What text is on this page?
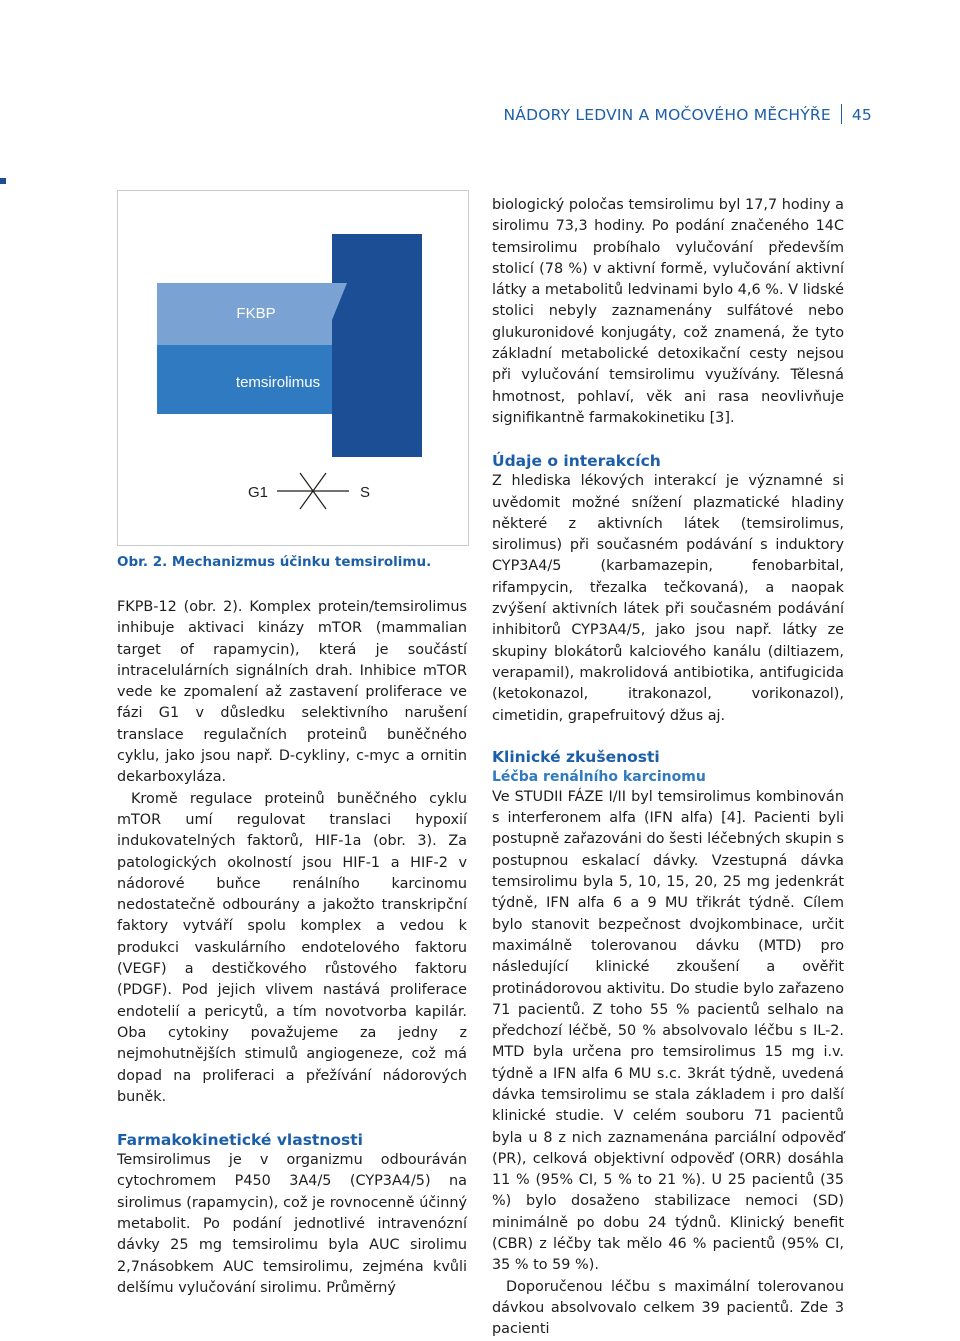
NÁDORY LEDVIN A MOČOVÉHO MĚCHÝŘE 45
TOR
FKBP
temsirolimus
G1	S
Obr. 2. Mechanizmus účinku temsirolimu.

FKPB-12 (obr. 2). Komplex protein/temsirolimus inhibuje aktivaci kinázy mTOR (mammalian target of rapamycin), která je součástí intracelulárních signálních drah. Inhibice mTOR vede ke zpomalení až zastavení proliferace ve fázi G1 v důsledku selektivního narušení translace regulačních proteinů buněčného cyklu, jako jsou např. D-cykliny, c-myc a ornitin dekarboxyláza.

Kromě regulace proteinů buněčného cyklu mTOR umí regulovat translaci hypoxií indukovatelných faktorů, HIF-1a (obr. 3). Za patologických okolností jsou HIF-1 a HIF-2 v nádorové buňce renálního karcinomu nedostatečně odbourány a jakožto transkripční faktory vytváří spolu komplex a vedou k produkci vaskulárního endotelového faktoru (VEGF) a destičkového růstového faktoru (PDGF). Pod jejich vlivem nastává proliferace endotelií a pericytů, a tím novotvorba kapilár. Oba cytokiny považujeme za jedny z nejmohutnějších stimulů angiogeneze, což má dopad na proliferaci a přežívání nádorových buněk.

Farmakokinetické vlastnosti

Temsirolimus je v organizmu odbouráván cytochromem P450 3A4/5 (CYP3A4/5) na sirolimus (rapamycin), což je rovnocenně účinný metabolit. Po podání jednotlivé intravenózní dávky 25 mg temsirolimu byla AUC sirolimu 2,7násobkem AUC temsirolimu, zejména kvůli delšímu vylučování sirolimu. Průměrný

biologický poločas temsirolimu byl 17,7 hodiny a sirolimu 73,3 hodiny. Po podání značeného 14C temsirolimu probíhalo vylučování především stolicí (78 %) v aktivní formě, vylučování aktivní látky a metabolitů ledvinami bylo 4,6 %. V lidské stolici nebyly zaznamenány sulfátové nebo glukuronidové konjugáty, což znamená, že tyto základní metabolické detoxikační cesty nejsou při vylučování temsirolimu využívány. Tělesná hmotnost, pohlaví, věk ani rasa neovlivňuje signifikantně farmakokinetiku [3].

Údaje o interakcích

Z hlediska lékových interakcí je významné si uvědomit možné snížení plazmatické hladiny některé z aktivních látek (temsirolimus, sirolimus) při současném podávání s induktory CYP3A4/5 (karbamazepin, fenobarbital, rifampycin, třezalka tečkovaná), a naopak zvýšení aktivních látek při současném podávání inhibitorů CYP3A4/5, jako jsou např. látky ze skupiny blokátorů kalciového kanálu (diltiazem, verapamil), makrolidová antibiotika, antifugicida (ketokonazol, itrakonazol, vorikonazol), cimetidin, grapefruitový džus aj.

Klinické zkušenosti
Léčba renálního karcinomu

Ve STUDII FÁZE I/II byl temsirolimus kombinován s interferonem alfa (IFN alfa) [4]. Pacienti byli postupně zařazováni do šesti léčebných skupin s postupnou eskalací dávky. Vzestupná dávka temsirolimu byla 5, 10, 15, 20, 25 mg jedenkrát týdně, IFN alfa 6 a 9 MU třikrát týdně. Cílem bylo stanovit bezpečnost dvojkombinace, určit maximálně tolerovanou dávku (MTD) pro následující klinické zkoušení a ověřit protinádorovou aktivitu. Do studie bylo zařazeno 71 pacientů. Z toho 55 % pacientů selhalo na předchozí léčbě, 50 % absolvovalo léčbu s IL-2. MTD byla určena pro temsirolimus 15 mg i.v. týdně a IFN alfa 6 MU s.c. 3krát týdně, uvedená dávka temsirolimu se stala základem i pro další klinické studie. V celém souboru 71 pacientů byla u 8 z nich zaznamenána parciální odpověď (PR), celková objektivní odpověď (ORR) dosáhla 11 % (95% CI, 5 % to 21 %). U 25 pacientů (35 %) bylo dosaženo stabilizace nemoci (SD) minimálně po dobu 24 týdnů. Klinický benefit (CBR) z léčby tak mělo 46 % pacientů (95% CI, 35 % to 59 %).

Doporučenou léčbu s maximální tolerovanou dávkou absolvovalo celkem 39 pacientů. Zde 3 pacienti
